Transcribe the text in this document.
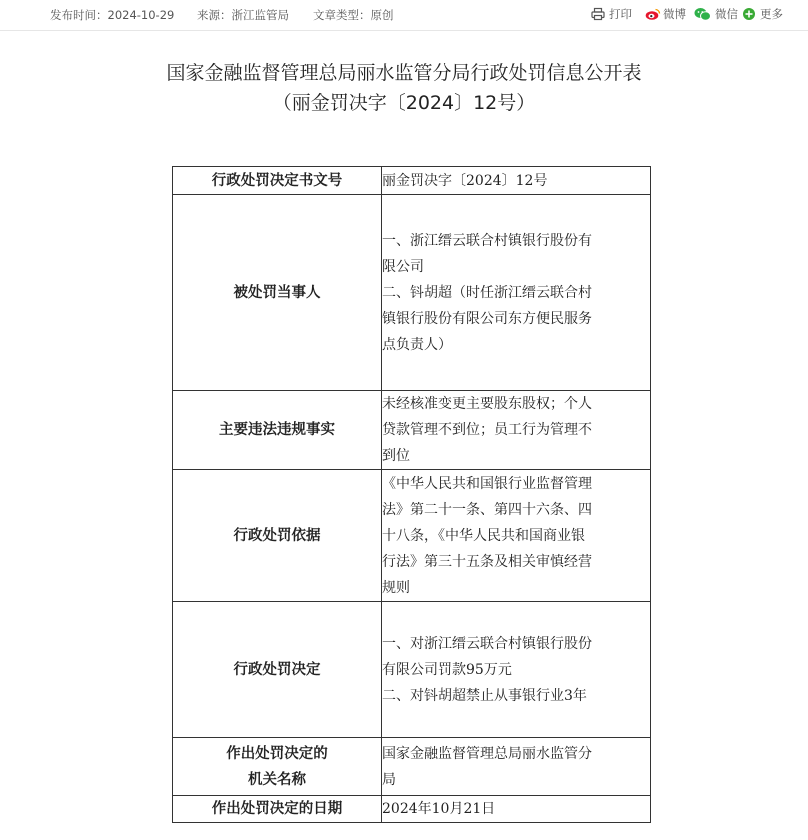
发布时间：2024-10-29 来源：浙江监管局 文章类型：原创	打印	微博	微信 更多
国家金融监督管理总局丽水监管分局行政处罚信息公开表
（丽金罚决字〔2024〕12号）
行政处罚决定书文号	丽金罚决字〔2024〕12号

被处罚当事人	一、浙江缙云联合村镇银行股份有
限公司
二、钭胡超（时任浙江缙云联合村
镇银行股份有限公司东方便民服务
点负责人）

主要违法违规事实	未经核准变更主要股东股权；个人
贷款管理不到位；员工行为管理不
到位

行政处罚依据	《中华人民共和国银行业监督管理
法》第二十一条、第四十六条、四
十八条，《中华人民共和国商业银
行法》第三十五条及相关审慎经营
规则

行政处罚决定	一、对浙江缙云联合村镇银行股份
有限公司罚款95万元
二、对钭胡超禁止从事银行业3年

作出处罚决定的
机关名称	国家金融监督管理总局丽水监管分
局

作出处罚决定的日期	2024年10月21日
